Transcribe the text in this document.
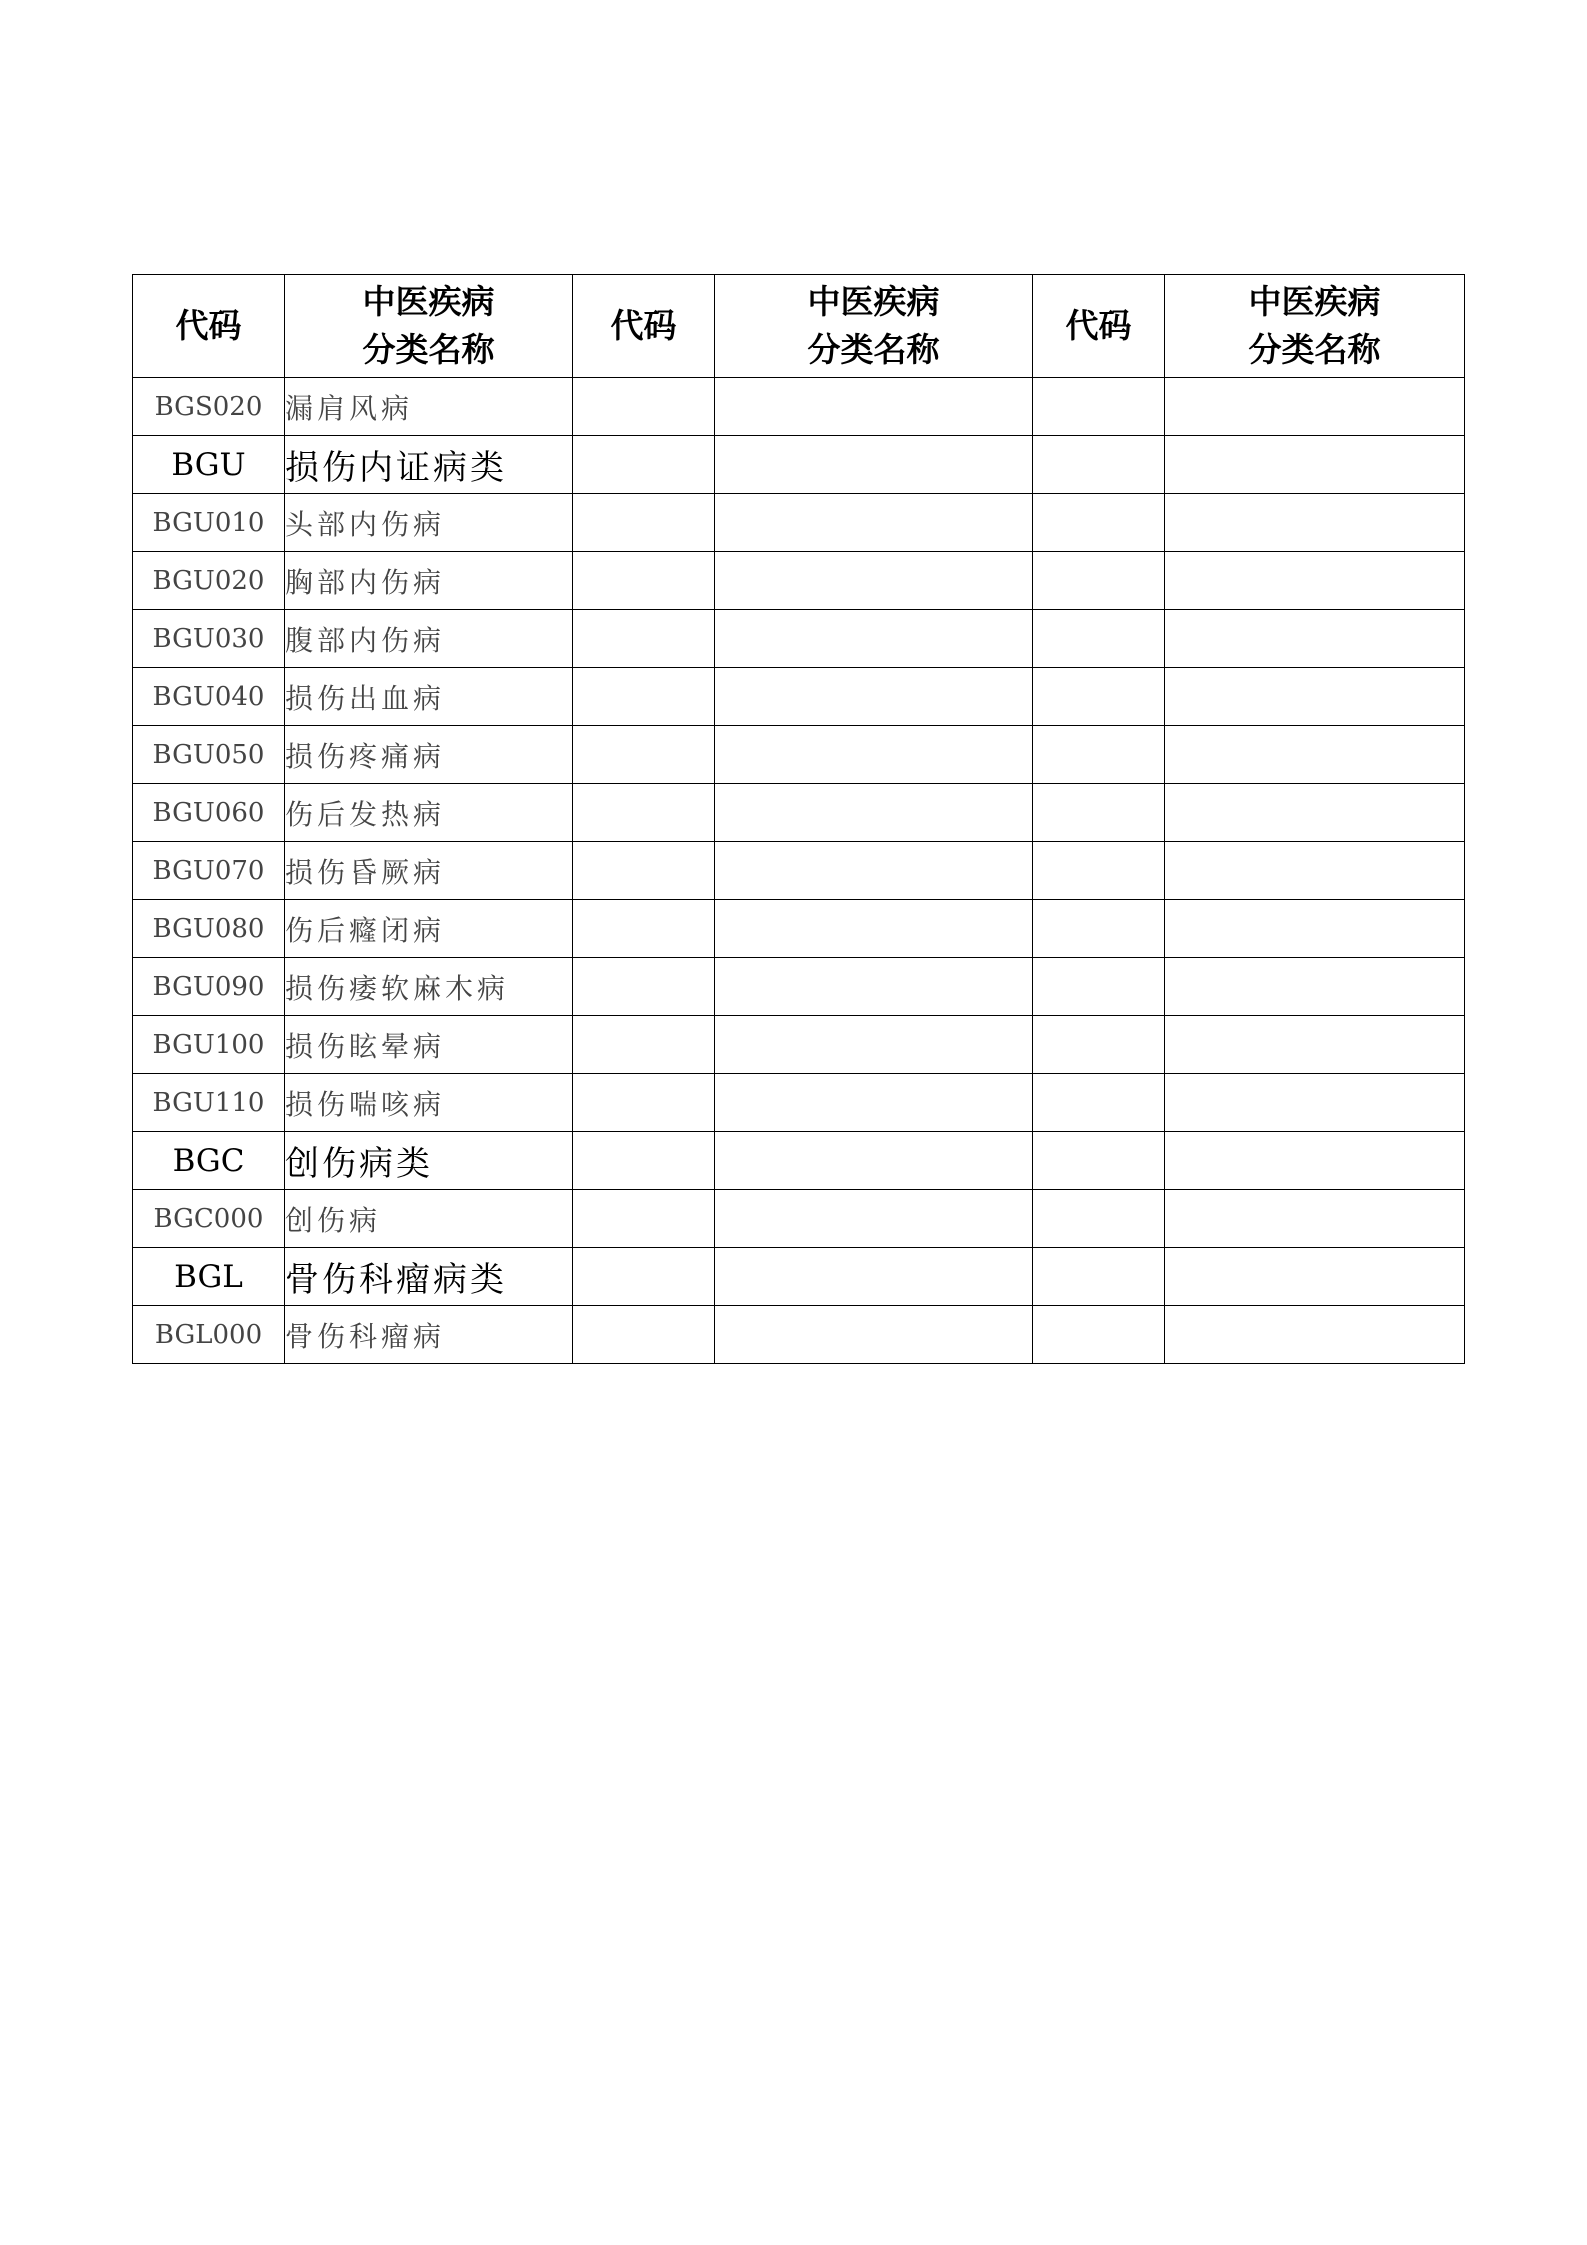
代码	中医疾病
分类名称	代码	中医疾病
分类名称	代码	中医疾病
分类名称

BGS020	漏肩风病				
BGU	损伤内证病类				
BGU010	头部内伤病				
BGU020	胸部内伤病				
BGU030	腹部内伤病				
BGU040	损伤出血病				
BGU050	损伤疼痛病				
BGU060	伤后发热病				
BGU070	损伤昏厥病				
BGU080	伤后癃闭病				
BGU090	损伤痿软麻木病				
BGU100	损伤眩晕病				
BGU110	损伤喘咳病				
BGC	创伤病类				
BGC000	创伤病				
BGL	骨伤科瘤病类				
BGL000	骨伤科瘤病				
